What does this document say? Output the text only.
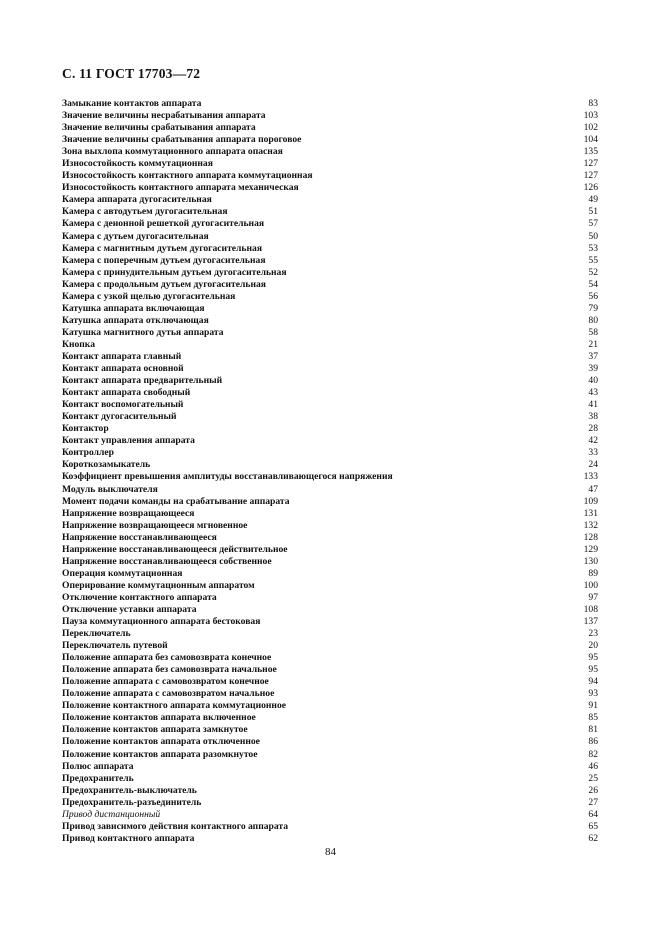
С. 11 ГОСТ 17703—72
Замыкание контактов аппарата	83
Значение величины несрабатывания аппарата	103
Значение величины срабатывания аппарата	102
Значение величины срабатывания аппарата пороговое	104
Зона выхлопа коммутационного аппарата опасная	135
Износостойкость коммутационная	127
Износостойкость контактного аппарата коммутационная	127
Износостойкость контактного аппарата механическая	126
Камера аппарата дугогасительная	49
Камера с автодутьем дугогасительная	51
Камера с деионной решеткой дугогасительная	57
Камера с дутьем дугогасительная	50
Камера с магнитным дутьем дугогасительная	53
Камера с поперечным дутьем дугогасительная	55
Камера с принудительным дутьем дугогасительная	52
Камера с продольным дутьем дугогасительная	54
Камера с узкой щелью дугогасительная	56
Катушка аппарата включающая	79
Катушка аппарата отключающая	80
Катушка магнитного дутья аппарата	58
Кнопка	21
Контакт аппарата главный	37
Контакт аппарата основной	39
Контакт аппарата предварительный	40
Контакт аппарата свободный	43
Контакт воспомогательный	41
Контакт дугогасительный	38
Контактор	28
Контакт управления аппарата	42
Контроллер	33
Короткозамыкатель	24
Коэффициент превышения амплитуды восстанавливающегося напряжения	133
Модуль выключателя	47
Момент подачи команды на срабатывание аппарата	109
Напряжение возвращающееся	131
Напряжение возвращающееся мгновенное	132
Напряжение восстанавливающееся	128
Напряжение восстанавливающееся действительное	129
Напряжение восстанавливающееся собственное	130
Операция коммутационная	89
Оперирование коммутационным аппаратом	100
Отключение контактного аппарата	97
Отключение уставки аппарата	108
Пауза коммутационного аппарата бестоковая	137
Переключатель	23
Переключатель путевой	20
Положение аппарата без самовозврата конечное	95
Положение аппарата без самовозврата начальное	95
Положение аппарата с самовозвратом конечное	94
Положение аппарата с самовозвратом начальное	93
Положение контактного аппарата коммутационное	91
Положение контактов аппарата включенное	85
Положение контактов аппарата замкнутое	81
Положение контактов аппарата отключенное	86
Положение контактов аппарата разомкнутое	82
Полюс аппарата	46
Предохранитель	25
Предохранитель-выключатель	26
Предохранитель-разъединитель	27
Привод дистанционный	64
Привод зависимого действия контактного аппарата	65
Привод контактного аппарата	62
84
